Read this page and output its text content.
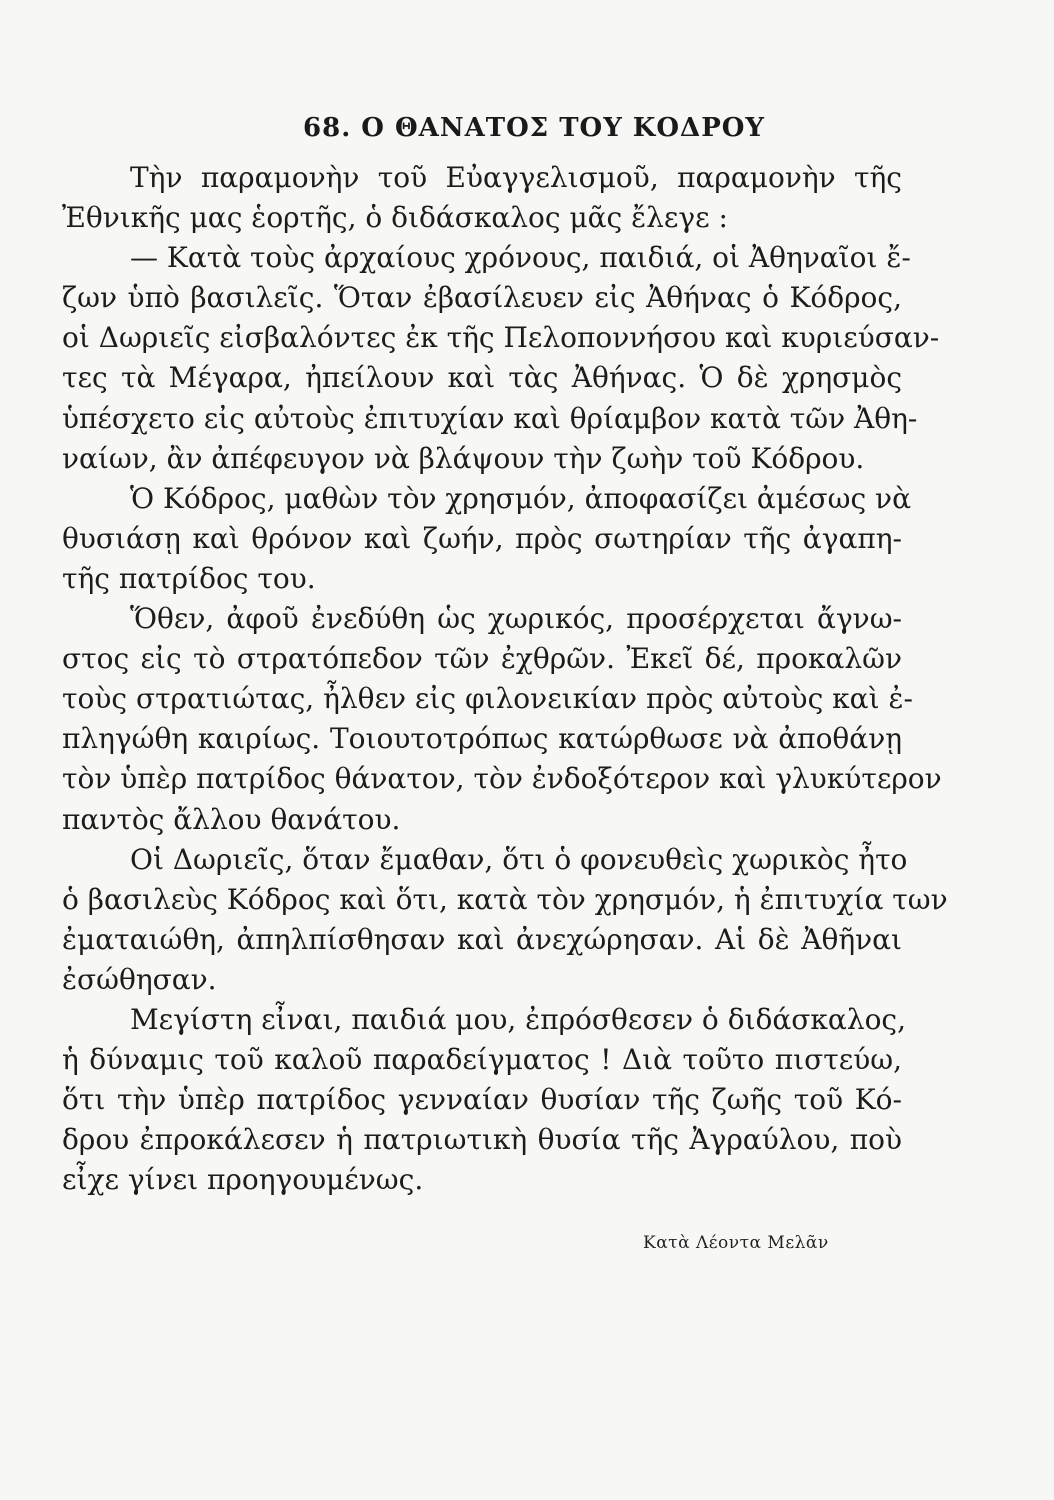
68. Ο ΘΑΝΑΤΟΣ ΤΟΥ ΚΟΔΡΟΥ
Τὴν παραμονὴν τοῦ Εὐαγγελισμοῦ, παραμονὴν τῆς
Ἐθνικῆς μας ἑορτῆς, ὁ διδάσκαλος μᾶς ἔλεγε :
— Κατὰ τοὺς ἀρχαίους χρόνους, παιδιά, οἱ Ἀθηναῖοι ἔ-
ζων ὑπὸ βασιλεῖς. Ὅταν ἐβασίλευεν εἰς Ἀθήνας ὁ Κόδρος,
οἱ Δωριεῖς εἰσβαλόντες ἐκ τῆς Πελοποννήσου καὶ κυριεύσαν-
τες τὰ Μέγαρα, ἠπείλουν καὶ τὰς Ἀθήνας. Ὁ δὲ χρησμὸς
ὑπέσχετο εἰς αὐτοὺς ἐπιτυχίαν καὶ θρίαμβον κατὰ τῶν Ἀθη-
ναίων, ἂν ἀπέφευγον νὰ βλάψουν τὴν ζωὴν τοῦ Κόδρου.
Ὁ Κόδρος, μαθὼν τὸν χρησμόν, ἀποφασίζει ἀμέσως νὰ
θυσιάσῃ καὶ θρόνον καὶ ζωήν, πρὸς σωτηρίαν τῆς ἀγαπη-
τῆς πατρίδος του.
Ὅθεν, ἀφοῦ ἐνεδύθη ὡς χωρικός, προσέρχεται ἄγνω-
στος εἰς τὸ στρατόπεδον τῶν ἐχθρῶν. Ἐκεῖ δέ, προκαλῶν
τοὺς στρατιώτας, ἦλθεν εἰς φιλονεικίαν πρὸς αὐτοὺς καὶ ἐ-
πληγώθη καιρίως. Τοιουτοτρόπως κατώρθωσε νὰ ἀποθάνῃ
τὸν ὑπὲρ πατρίδος θάνατον, τὸν ἐνδοξότερον καὶ γλυκύτερον
παντὸς ἄλλου θανάτου.
Οἱ Δωριεῖς, ὅταν ἔμαθαν, ὅτι ὁ φονευθεὶς χωρικὸς ἦτο
ὁ βασιλεὺς Κόδρος καὶ ὅτι, κατὰ τὸν χρησμόν, ἡ ἐπιτυχία των
ἐματαιώθη, ἀπηλπίσθησαν καὶ ἀνεχώρησαν. Αἱ δὲ Ἀθῆναι
ἐσώθησαν.
Μεγίστη εἶναι, παιδιά μου, ἐπρόσθεσεν ὁ διδάσκαλος,
ἡ δύναμις τοῦ καλοῦ παραδείγματος ! Διὰ τοῦτο πιστεύω,
ὅτι τὴν ὑπὲρ πατρίδος γενναίαν θυσίαν τῆς ζωῆς τοῦ Κό-
δρου ἐπροκάλεσεν ἡ πατριωτικὴ θυσία τῆς Ἀγραύλου, ποὺ
εἶχε γίνει προηγουμένως.
Κατὰ Λέοντα Μελᾶν
